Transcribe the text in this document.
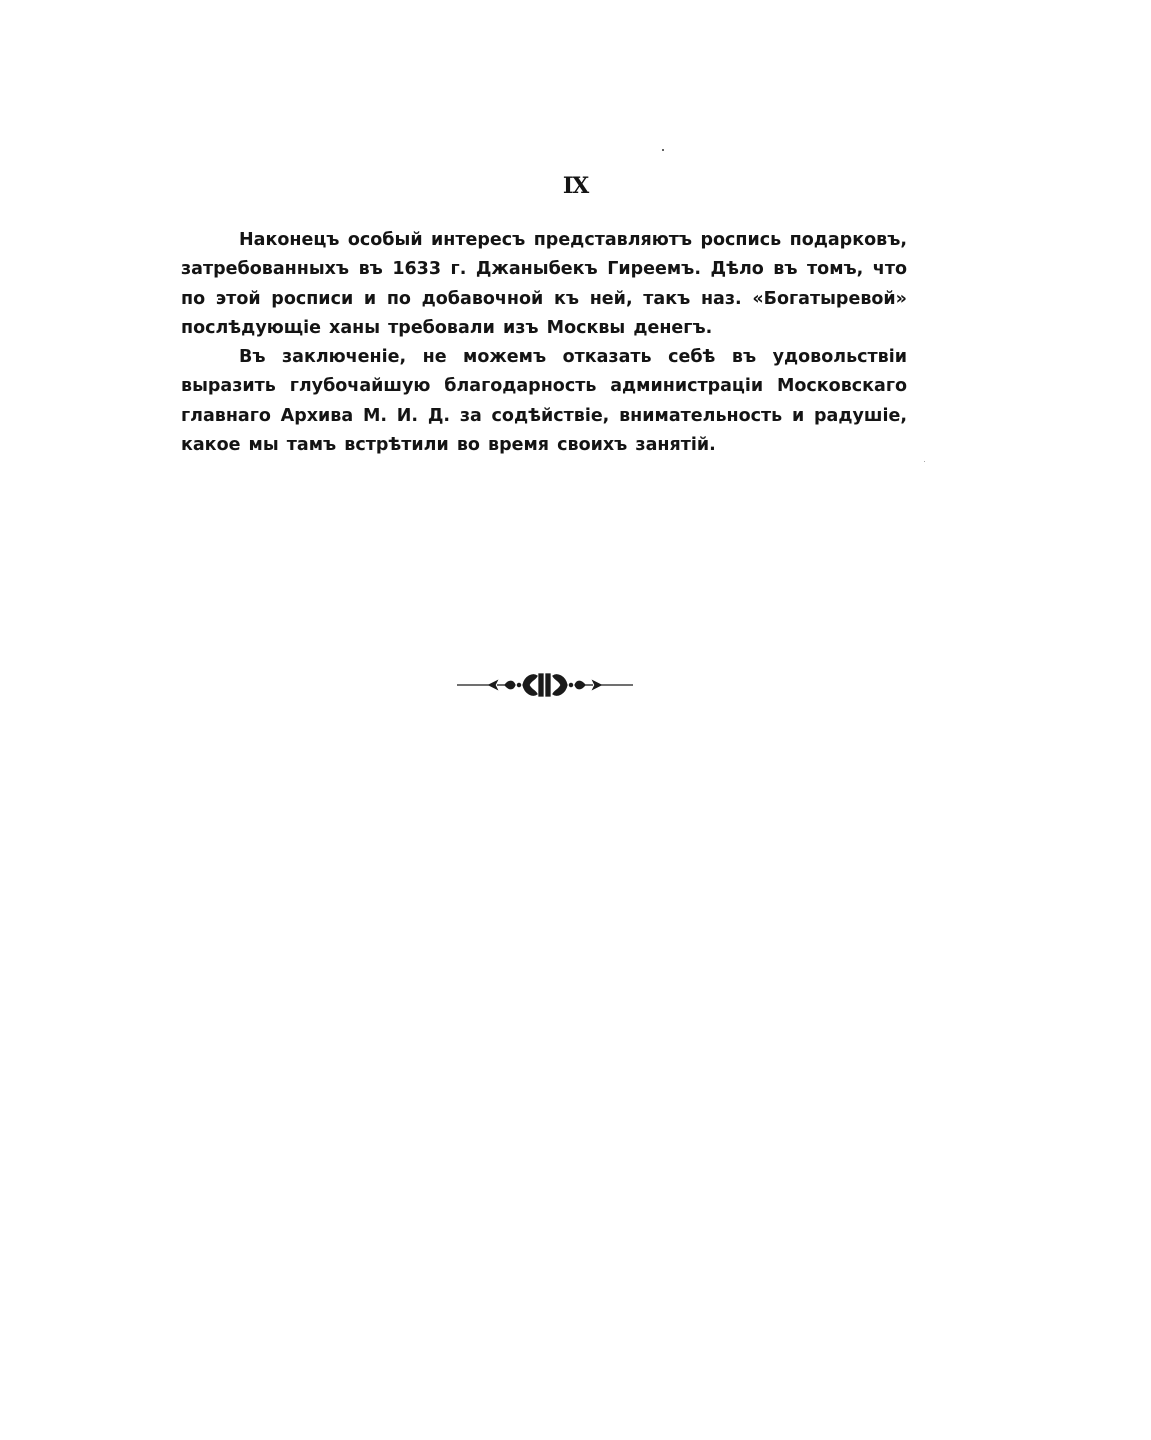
IX

Наконецъ особый интересъ представляютъ роспись подарковъ, затребованныхъ въ 1633 г. Джаныбекъ Гиреемъ. Дѣло въ томъ, что по этой росписи и по добавочной къ ней, такъ наз. «Богатыревой» послѣдующіе ханы требовали изъ Москвы денегъ.

Въ заключеніе, не можемъ отказать себѣ въ удовольствіи выразить глубочайшую благодарность администраціи Московскаго главнаго Архива М. И. Д. за содѣйствіе, внимательность и радушіе, какое мы тамъ встрѣтили во время своихъ занятій.
